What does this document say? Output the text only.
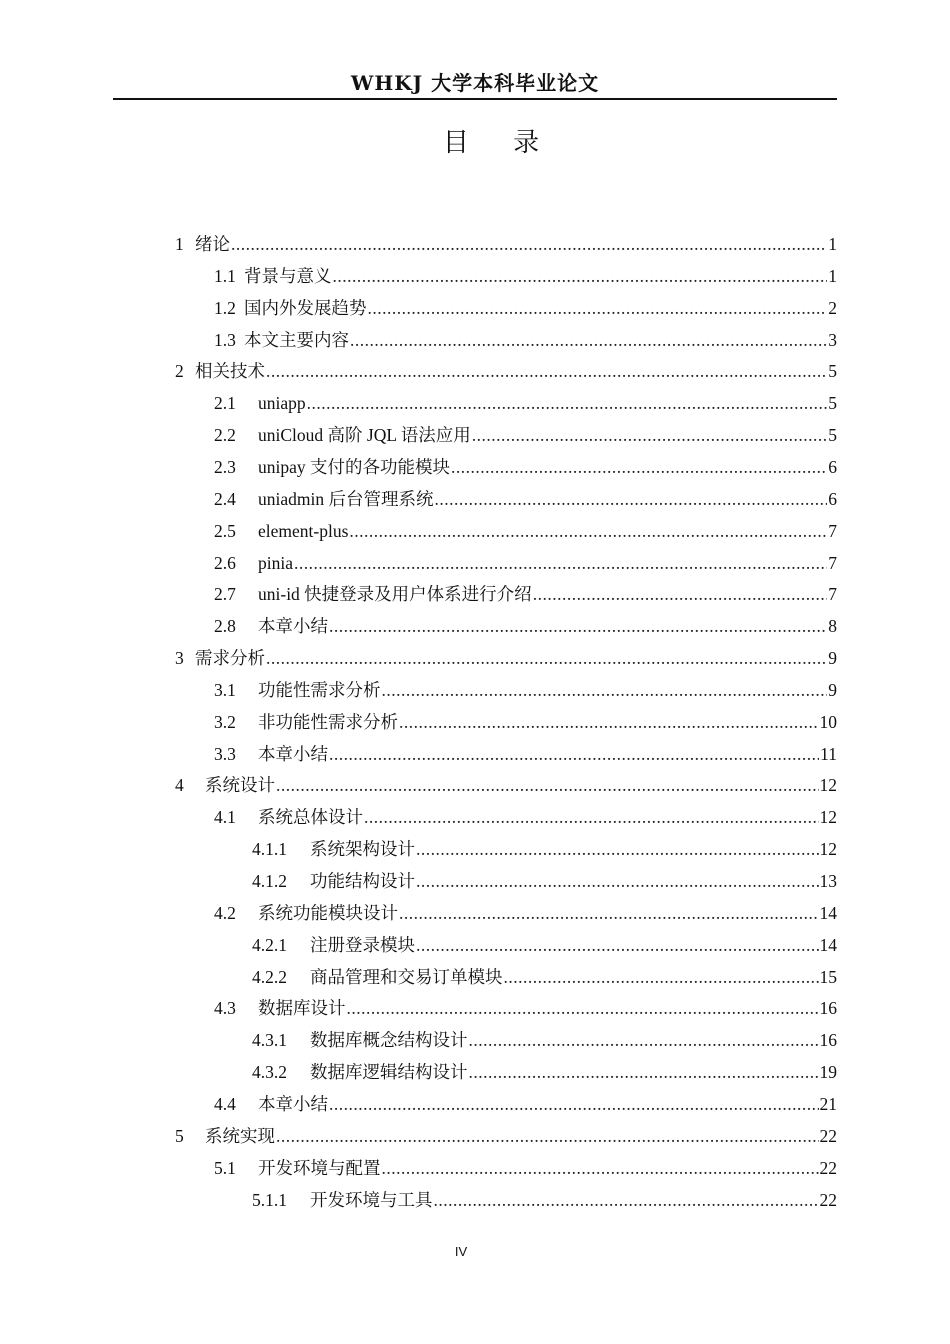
WHKJ 大学本科毕业论文
目 录
1 绪论 .....	1
1.1 背景与意义 .....	1
1.2 国内外发展趋势 .....	2
1.3 本文主要内容 .....	3
2 相关技术 .....	5
2.1	uniapp .....	5
2.2	uniCloud 高阶 JQL 语法应用 .....	5
2.3	unipay 支付的各功能模块 .....	6
2.4	uniadmin 后台管理系统 .....	6
2.5	element-plus .....	7
2.6	pinia .....	7
2.7	uni-id 快捷登录及用户体系进行介绍 .....	7
2.8	本章小结 .....	8
3 需求分析 .....	9
3.1	功能性需求分析 .....	9
3.2	非功能性需求分析 .....	10
3.3	本章小结 .....	11
4	系统设计 .....	12
4.1	系统总体设计 .....	12
4.1.1	系统架构设计 .....	12
4.1.2	功能结构设计 .....	13
4.2	系统功能模块设计 .....	14
4.2.1	注册登录模块 .....	14
4.2.2	商品管理和交易订单模块 .....	15
4.3	数据库设计 .....	16
4.3.1	数据库概念结构设计 .....	16
4.3.2	数据库逻辑结构设计 .....	19
4.4	本章小结 .....	21
5	系统实现 .....	22
5.1	开发环境与配置 .....	22
5.1.1	开发环境与工具 .....	22
IV
